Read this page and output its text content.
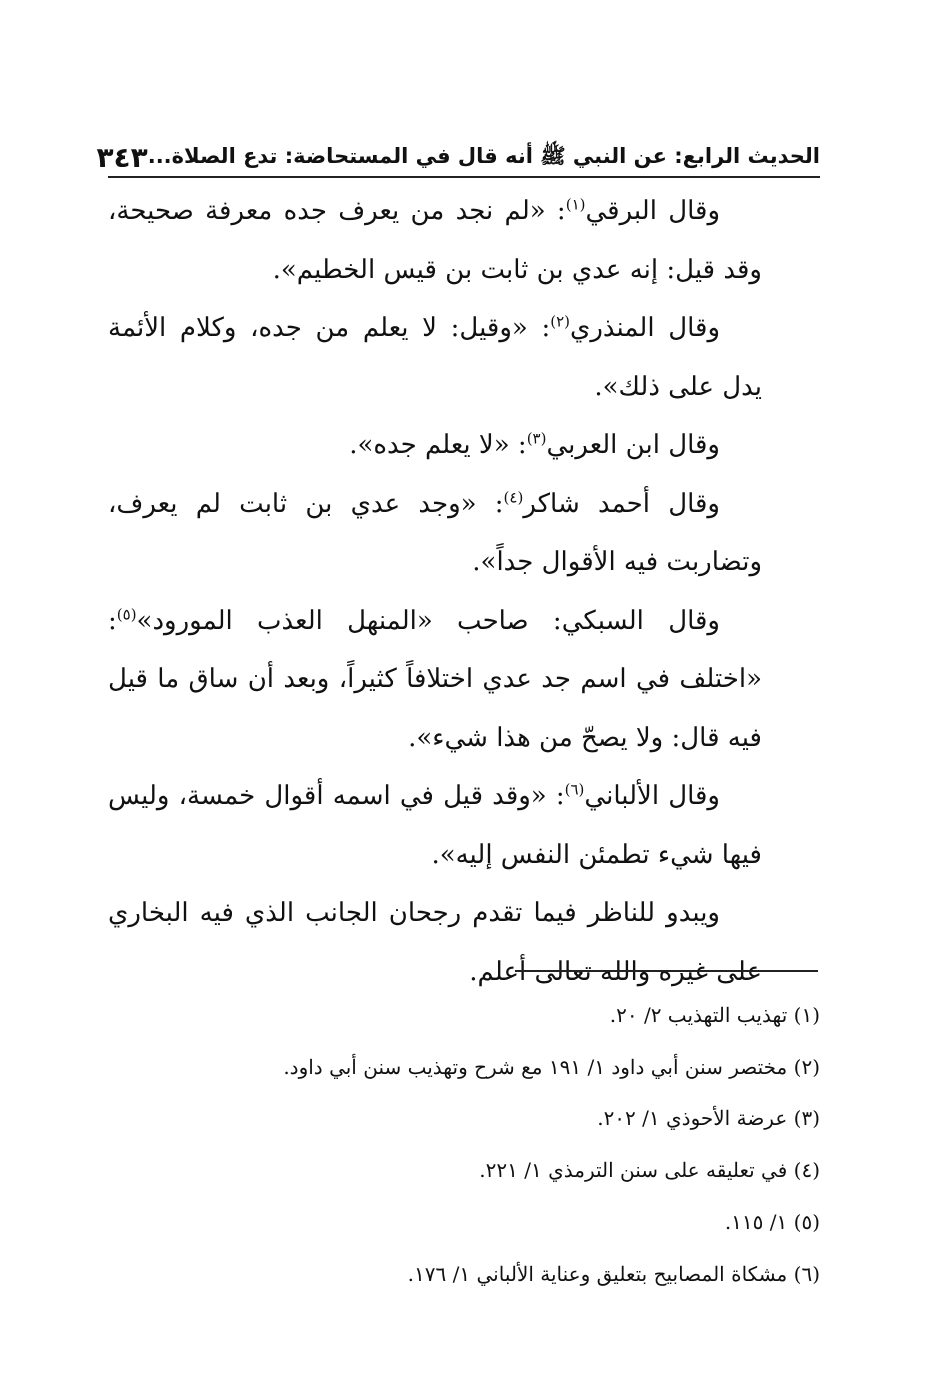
الحديث الرابع: عن النبي ﷺ أنه قال في المستحاضة: تدع الصلاة...
٣٤٣

وقال البرقي$^{(١)}$: «لم نجد من يعرف جده معرفة صحيحة، وقد قيل: إنه عدي بن ثابت بن قيس الخطيم».

وقال المنذري$^{(٢)}$: «وقيل: لا يعلم من جده، وكلام الأئمة يدل على ذلك».

وقال ابن العربي$^{(٣)}$: «لا يعلم جده».

وقال أحمد شاكر$^{(٤)}$: «وجد عدي بن ثابت لم يعرف، وتضاربت فيه الأقوال جداً».

وقال السبكي: صاحب «المنهل العذب المورود»$^{(٥)}$: «اختلف في اسم جد عدي اختلافاً كثيراً، وبعد أن ساق ما قيل فيه قال: ولا يصحّ من هذا شيء».

وقال الألباني$^{(٦)}$: «وقد قيل في اسمه أقوال خمسة، وليس فيها شيء تطمئن النفس إليه».

ويبدو للناظر فيما تقدم رجحان الجانب الذي فيه البخاري على غيره والله تعالى أعلم.

(١) تهذيب التهذيب ٢/ ٢٠.
(٢) مختصر سنن أبي داود ١/ ١٩١ مع شرح وتهذيب سنن أبي داود.
(٣) عرضة الأحوذي ١/ ٢٠٢.
(٤) في تعليقه على سنن الترمذي ١/ ٢٢١.
(٥) ١/ ١١٥.
(٦) مشكاة المصابيح بتعليق وعناية الألباني ١/ ١٧٦.
